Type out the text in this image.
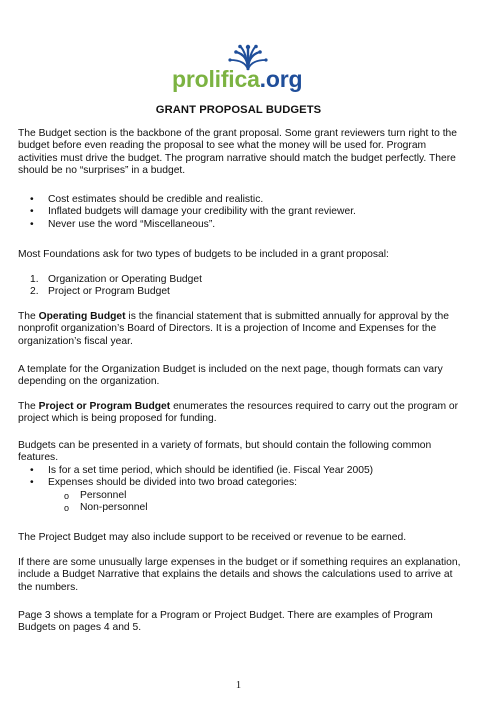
prolifica.org
GRANT PROPOSAL BUDGETS

The Budget section is the backbone of the grant proposal. Some grant reviewers turn right to the budget before even reading the proposal to see what the money will be used for. Program activities must drive the budget. The program narrative should match the budget perfectly. There should be no “surprises” in a budget.

• Cost estimates should be credible and realistic.
• Inflated budgets will damage your credibility with the grant reviewer.
• Never use the word “Miscellaneous”.

Most Foundations ask for two types of budgets to be included in a grant proposal:

1. Organization or Operating Budget
2. Project or Program Budget

The Operating Budget is the financial statement that is submitted annually for approval by the nonprofit organization’s Board of Directors. It is a projection of Income and Expenses for the organization’s fiscal year.

A template for the Organization Budget is included on the next page, though formats can vary depending on the organization.

The Project or Program Budget enumerates the resources required to carry out the program or project which is being proposed for funding.

Budgets can be presented in a variety of formats, but should contain the following common features.

• Is for a set time period, which should be identified (ie. Fiscal Year 2005)
• Expenses should be divided into two broad categories:
o Personnel
o Non-personnel

The Project Budget may also include support to be received or revenue to be earned.

If there are some unusually large expenses in the budget or if something requires an explanation, include a Budget Narrative that explains the details and shows the calculations used to arrive at the numbers.

Page 3 shows a template for a Program or Project Budget. There are examples of Program Budgets on pages 4 and 5.

1
